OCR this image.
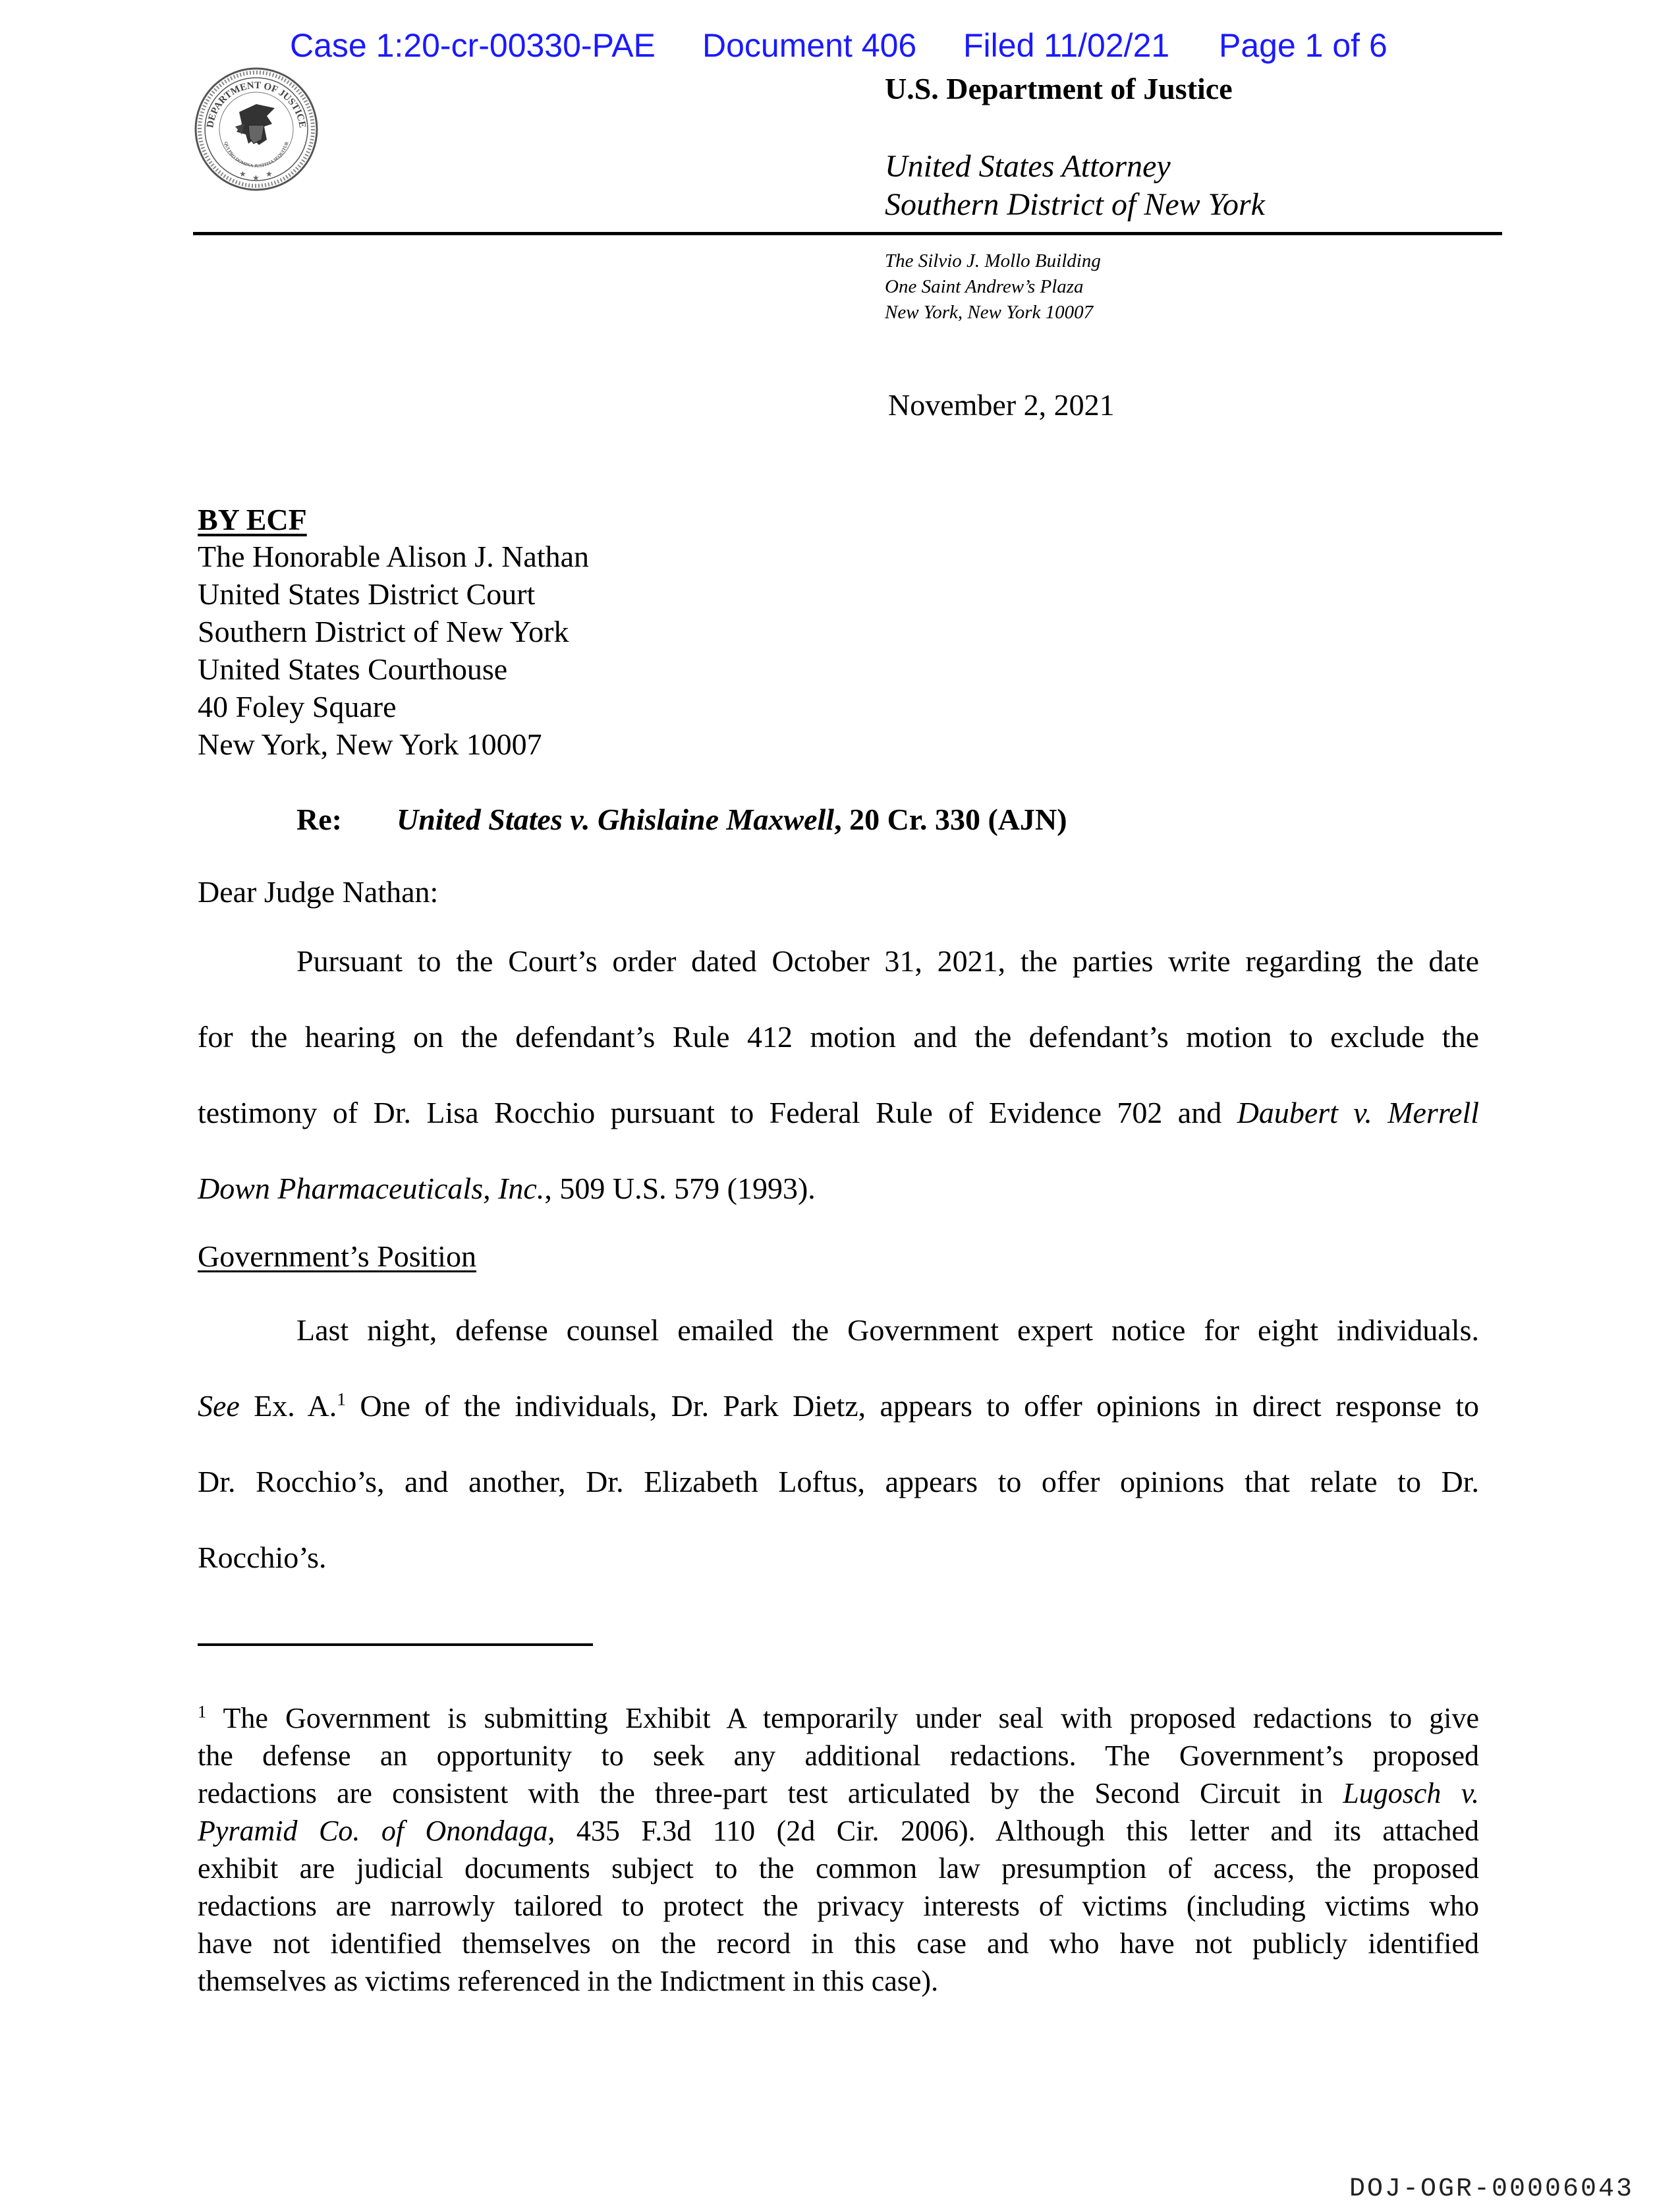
Case 1:20-cr-00330-PAE Document 406 Filed 11/02/21 Page 1 of 6
DEPARTMENT OF JUSTICE
QUI PRO DOMINA JUSTITIA SEQUITUR
★ ★ ★
U.S. Department of Justice
United States Attorney
Southern District of New York
The Silvio J. Mollo Building
One Saint Andrew’s Plaza
New York, New York 10007
November 2, 2021
BY ECF
The Honorable Alison J. Nathan
United States District Court
Southern District of New York
United States Courthouse
40 Foley Square
New York, New York 10007
Re: United States v. Ghislaine Maxwell, 20 Cr. 330 (AJN)
Dear Judge Nathan:
Pursuant to the Court’s order dated October 31, 2021, the parties write regarding the date
for the hearing on the defendant’s Rule 412 motion and the defendant’s motion to exclude the
testimony of Dr. Lisa Rocchio pursuant to Federal Rule of Evidence 702 and Daubert v. Merrell
Down Pharmaceuticals, Inc., 509 U.S. 579 (1993).
Government’s Position
Last night, defense counsel emailed the Government expert notice for eight individuals.
See Ex. A.$^1$ One of the individuals, Dr. Park Dietz, appears to offer opinions in direct response to
Dr. Rocchio’s, and another, Dr. Elizabeth Loftus, appears to offer opinions that relate to Dr.
Rocchio’s.
$^1$ The Government is submitting Exhibit A temporarily under seal with proposed redactions to give
the defense an opportunity to seek any additional redactions. The Government’s proposed
redactions are consistent with the three-part test articulated by the Second Circuit in Lugosch v.
Pyramid Co. of Onondaga, 435 F.3d 110 (2d Cir. 2006). Although this letter and its attached
exhibit are judicial documents subject to the common law presumption of access, the proposed
redactions are narrowly tailored to protect the privacy interests of victims (including victims who
have not identified themselves on the record in this case and who have not publicly identified
themselves as victims referenced in the Indictment in this case).
DOJ-OGR-00006043
